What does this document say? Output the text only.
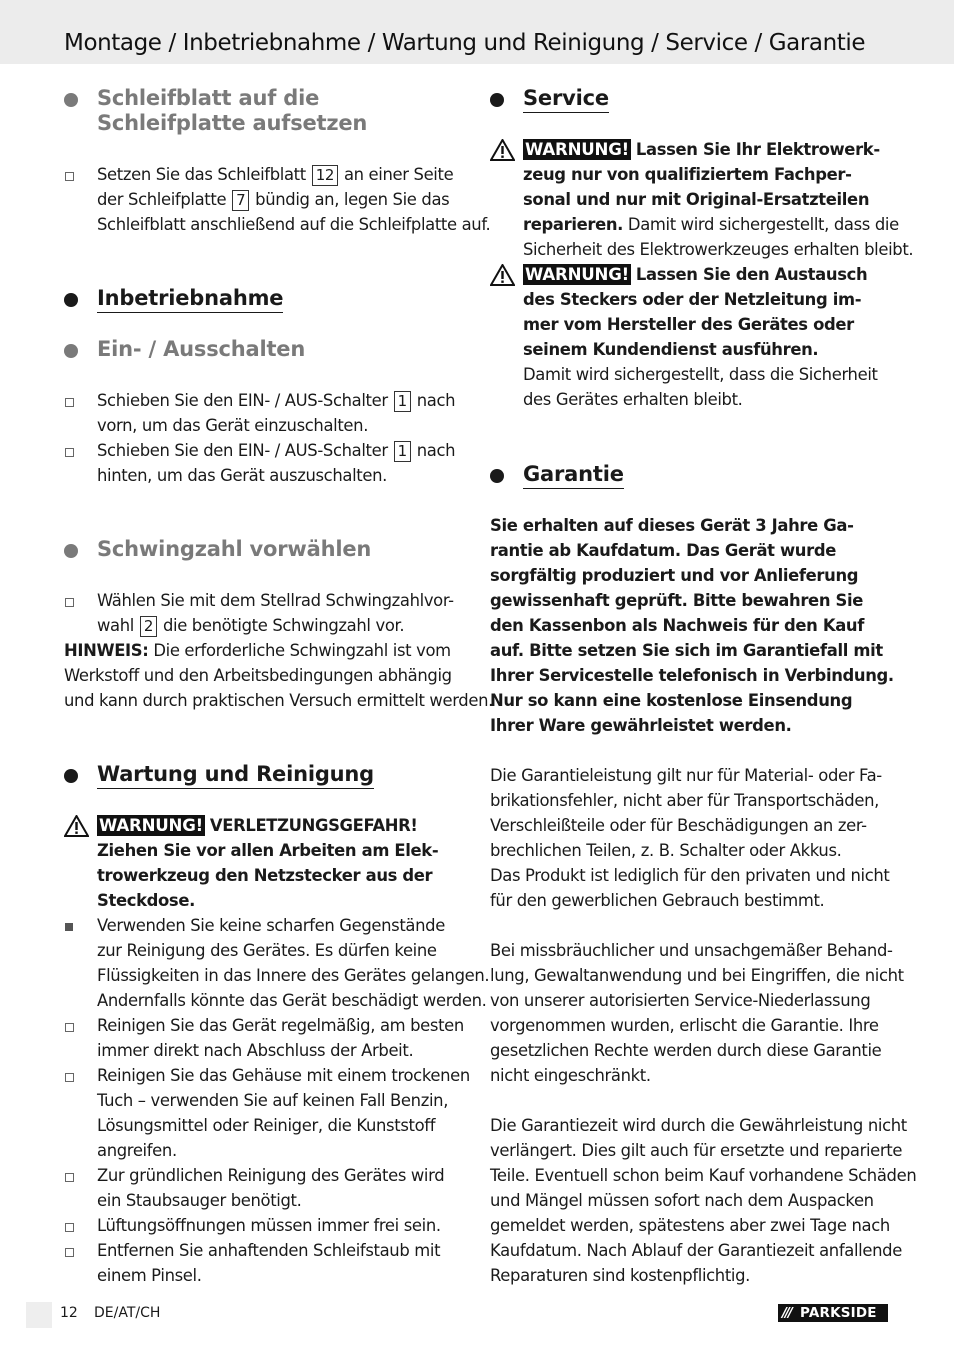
Montage / Inbetriebnahme / Wartung und Reinigung / Service / Garantie
Schleifblatt auf die
Schleifplatte aufsetzen
Setzen Sie das Schleifblatt 12 an einer Seite
der Schleifplatte 7 bündig an, legen Sie das
Schleifblatt anschließend auf die Schleifplatte auf.
Inbetriebnahme
Ein- / Ausschalten
Schieben Sie den EIN- / AUS-Schalter 1 nach
vorn, um das Gerät einzuschalten.
Schieben Sie den EIN- / AUS-Schalter 1 nach
hinten, um das Gerät auszuschalten.
Schwingzahl vorwählen
Wählen Sie mit dem Stellrad Schwingzahlvor-
wahl 2 die benötigte Schwingzahl vor.
HINWEIS: Die erforderliche Schwingzahl ist vom
Werkstoff und den Arbeitsbedingungen abhängig
und kann durch praktischen Versuch ermittelt werden.
Wartung und Reinigung
WARNUNG! VERLETZUNGSGEFAHR!
Ziehen Sie vor allen Arbeiten am Elek-
trowerkzeug den Netzstecker aus der
Steckdose.
Verwenden Sie keine scharfen Gegenstände
zur Reinigung des Gerätes. Es dürfen keine
Flüssigkeiten in das Innere des Gerätes gelangen.
Andernfalls könnte das Gerät beschädigt werden.
Reinigen Sie das Gerät regelmäßig, am besten
immer direkt nach Abschluss der Arbeit.
Reinigen Sie das Gehäuse mit einem trockenen
Tuch – verwenden Sie auf keinen Fall Benzin,
Lösungsmittel oder Reiniger, die Kunststoff
angreifen.
Zur gründlichen Reinigung des Gerätes wird
ein Staubsauger benötigt.
Lüftungsöffnungen müssen immer frei sein.
Entfernen Sie anhaftenden Schleifstaub mit
einem Pinsel.
Service
WARNUNG! Lassen Sie Ihr Elektrowerk-
zeug nur von qualifiziertem Fachper-
sonal und nur mit Original-Ersatzteilen
reparieren. Damit wird sichergestellt, dass die
Sicherheit des Elektrowerkzeuges erhalten bleibt.
WARNUNG! Lassen Sie den Austausch
des Steckers oder der Netzleitung im-
mer vom Hersteller des Gerätes oder
seinem Kundendienst ausführen.
Damit wird sichergestellt, dass die Sicherheit
des Gerätes erhalten bleibt.
Garantie
Sie erhalten auf dieses Gerät 3 Jahre Ga-
rantie ab Kaufdatum. Das Gerät wurde
sorgfältig produziert und vor Anlieferung
gewissenhaft geprüft. Bitte bewahren Sie
den Kassenbon als Nachweis für den Kauf
auf. Bitte setzen Sie sich im Garantiefall mit
Ihrer Servicestelle telefonisch in Verbindung.
Nur so kann eine kostenlose Einsendung
Ihrer Ware gewährleistet werden.
Die Garantieleistung gilt nur für Material- oder Fa-
brikationsfehler, nicht aber für Transportschäden,
Verschleißteile oder für Beschädigungen an zer-
brechlichen Teilen, z. B. Schalter oder Akkus.
Das Produkt ist lediglich für den privaten und nicht
für den gewerblichen Gebrauch bestimmt.
Bei missbräuchlicher und unsachgemäßer Behand-
lung, Gewaltanwendung und bei Eingriffen, die nicht
von unserer autorisierten Service-Niederlassung
vorgenommen wurden, erlischt die Garantie. Ihre
gesetzlichen Rechte werden durch diese Garantie
nicht eingeschränkt.
Die Garantiezeit wird durch die Gewährleistung nicht
verlängert. Dies gilt auch für ersetzte und reparierte
Teile. Eventuell schon beim Kauf vorhandene Schäden
und Mängel müssen sofort nach dem Auspacken
gemeldet werden, spätestens aber zwei Tage nach
Kaufdatum. Nach Ablauf der Garantiezeit anfallende
Reparaturen sind kostenpflichtig.
12 DE/AT/CH	/// PARKSIDE
